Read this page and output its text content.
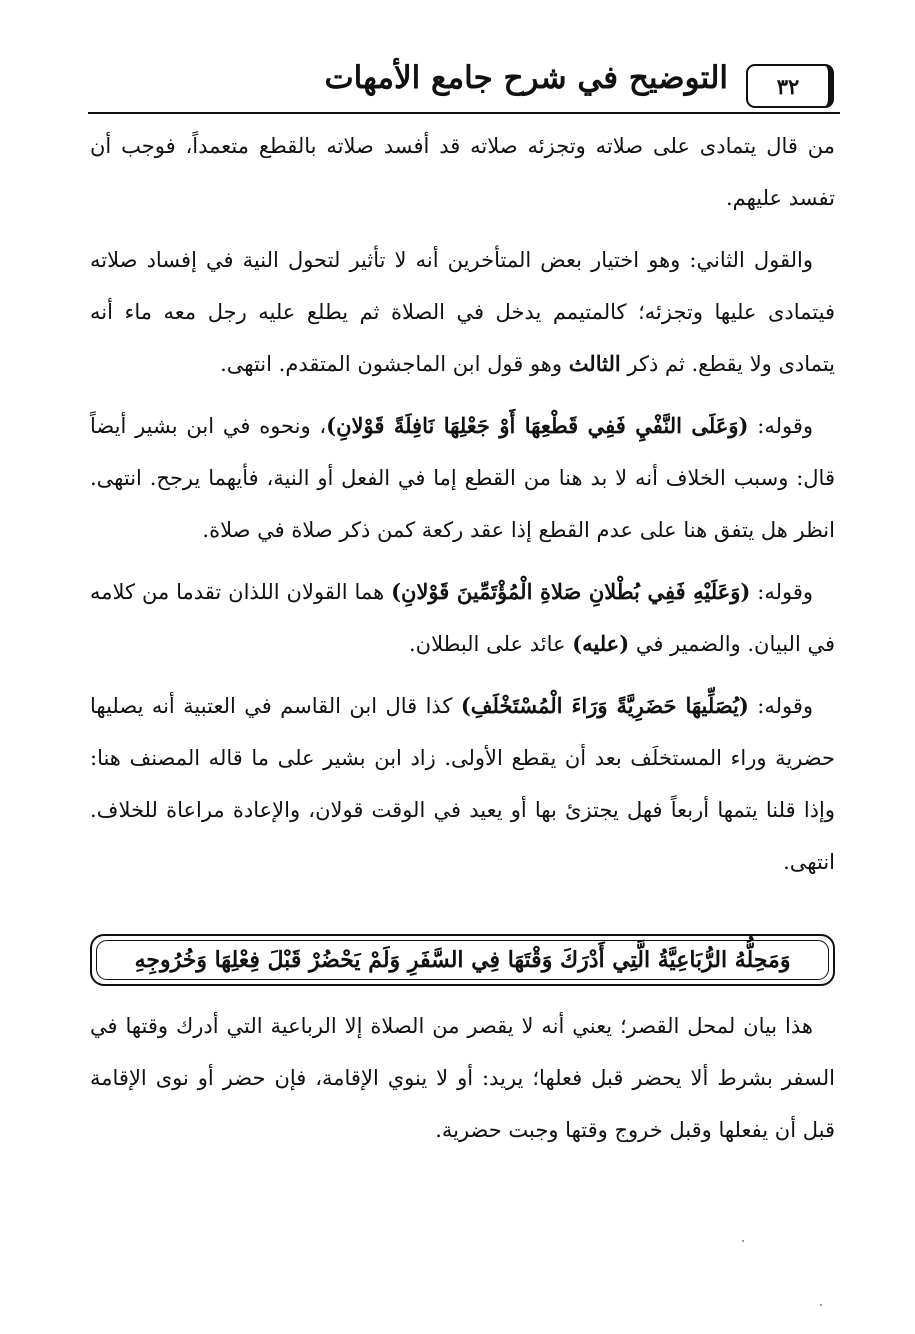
٣٢
التوضيح في شرح جامع الأمهات

من قال يتمادى على صلاته وتجزئه صلاته قد أفسد صلاته بالقطع متعمداً، فوجب أن تفسد عليهم.

والقول الثاني: وهو اختيار بعض المتأخرين أنه لا تأثير لتحول النية في إفساد صلاته فيتمادى عليها وتجزئه؛ كالمتيمم يدخل في الصلاة ثم يطلع عليه رجل معه ماء أنه يتمادى ولا يقطع. ثم ذكر الثالث وهو قول ابن الماجشون المتقدم. انتهى.

وقوله: (وَعَلَى النَّفْيِ فَفِي قَطْعِهَا أَوْ جَعْلِهَا نَافِلَةً قَوْلانِ)، ونحوه في ابن بشير أيضاً قال: وسبب الخلاف أنه لا بد هنا من القطع إما في الفعل أو النية، فأيهما يرجح. انتهى. انظر هل يتفق هنا على عدم القطع إذا عقد ركعة كمن ذكر صلاة في صلاة.

وقوله: (وَعَلَيْهِ فَفِي بُطْلانِ صَلاةِ الْمُؤْتَمِّينَ قَوْلانِ) هما القولان اللذان تقدما من كلامه في البيان. والضمير في (عليه) عائد على البطلان.

وقوله: (يُصَلِّيهَا حَضَرِيَّةً وَرَاءَ الْمُسْتَخْلَفِ) كذا قال ابن القاسم في العتبية أنه يصليها حضرية وراء المستخلَف بعد أن يقطع الأولى. زاد ابن بشير على ما قاله المصنف هنا: وإذا قلنا يتمها أربعاً فهل يجتزئ بها أو يعيد في الوقت قولان، والإعادة مراعاة للخلاف. انتهى.

وَمَحِلُّهُ الرُّبَاعِيَّةُ الَّتِي أَدْرَكَ وَقْتَهَا فِي السَّفَرِ وَلَمْ يَحْضُرْ قَبْلَ فِعْلِهَا وَخُرُوجِهِ

هذا بيان لمحل القصر؛ يعني أنه لا يقصر من الصلاة إلا الرباعية التي أدرك وقتها في السفر بشرط ألا يحضر قبل فعلها؛ يريد: أو لا ينوي الإقامة، فإن حضر أو نوى الإقامة قبل أن يفعلها وقبل خروج وقتها وجبت حضرية.
